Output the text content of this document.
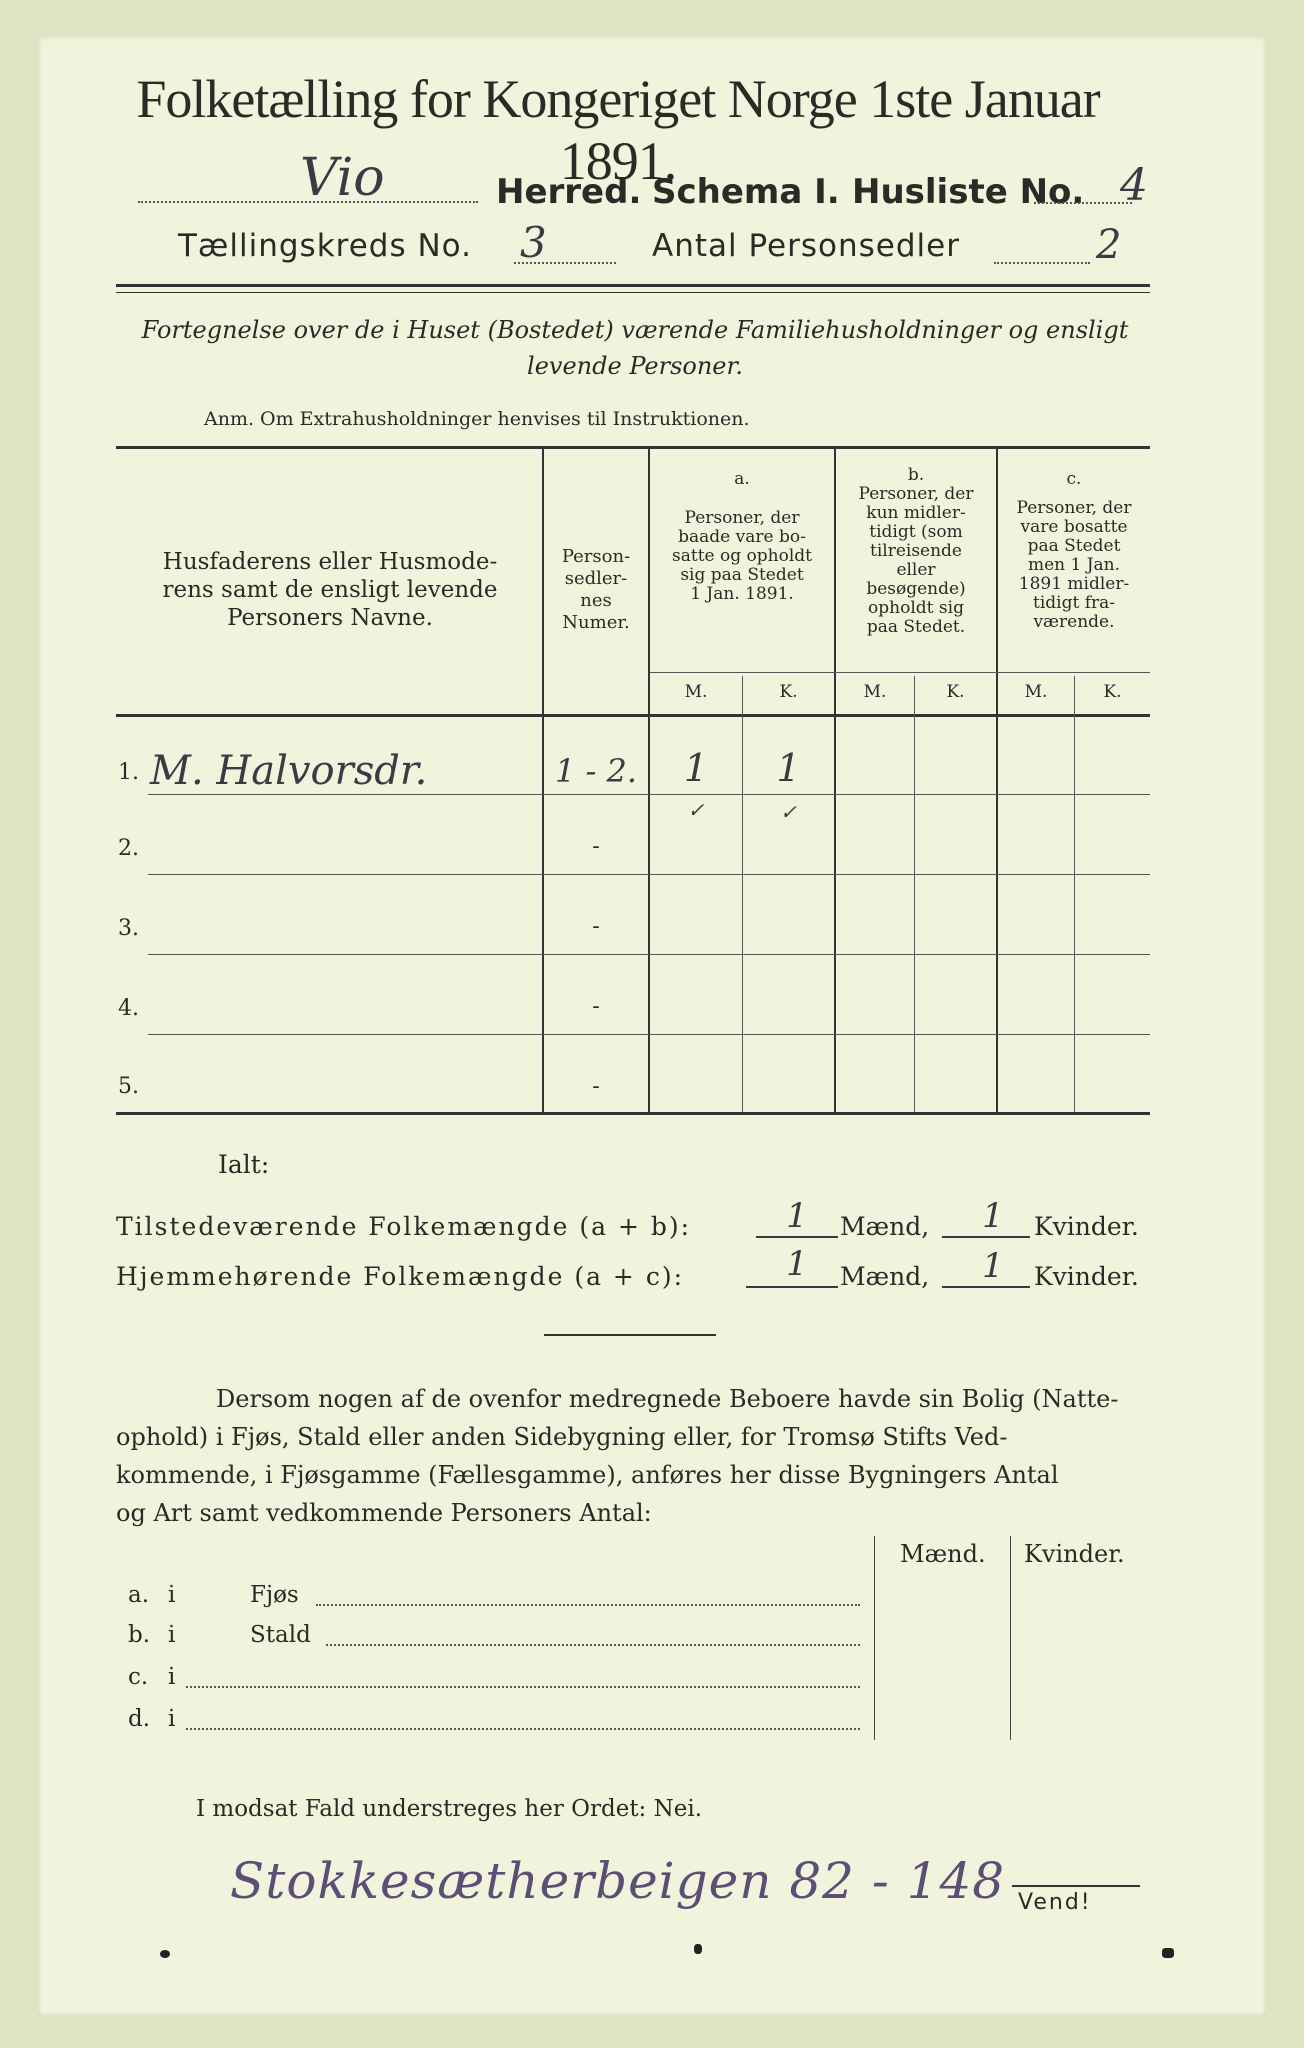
Folketælling for Kongeriget Norge 1ste Januar 1891.
Vio	Herred. Schema I. Husliste No. 4
Tællingskreds No. 3	Antal Personsedler	2
Fortegnelse over de i Huset (Bostedet) værende Familiehusholdninger og ensligt
levende Personer.
Anm. Om Extrahusholdninger henvises til Instruktionen.
Husfaderens eller Husmode-
rens samt de ensligt levende
Personers Navne.
Person-
sedler-
nes
Numer.
a.
Personer, der
baade vare bo-
satte og opholdt
sig paa Stedet
1 Jan. 1891.
b.
Personer, der
kun midler-
tidigt (som
tilreisende
eller
besøgende)
opholdt sig
paa Stedet.
c.
Personer, der
vare bosatte
paa Stedet
men 1 Jan.
1891 midler-
tidigt fra-
værende.
M.	K.	M.	K.	M.	K.
1. M. Halvorsdr.	1 - 2.	1	1
2.	-
✓	✓
3.	-
4.	-
5.	-
Ialt:
Tilstedeværende Folkemængde (a + b):	1	Mænd,	1	Kvinder.
Hjemmehørende Folkemængde (a + c):	1	Mænd,	1	Kvinder.
Dersom nogen af de ovenfor medregnede Beboere havde sin Bolig (Natte-
ophold) i Fjøs, Stald eller anden Sidebygning eller, for Tromsø Stifts Ved-
kommende, i Fjøsgamme (Fællesgamme), anføres her disse Bygningers Antal
og Art samt vedkommende Personers Antal:
Mænd. Kvinder.
a. i	Fjøs
b. i	Stald
c. i
d. i
I modsat Fald understreges her Ordet: Nei.
Stokkesætherbeigen 82 - 148 Vend!
